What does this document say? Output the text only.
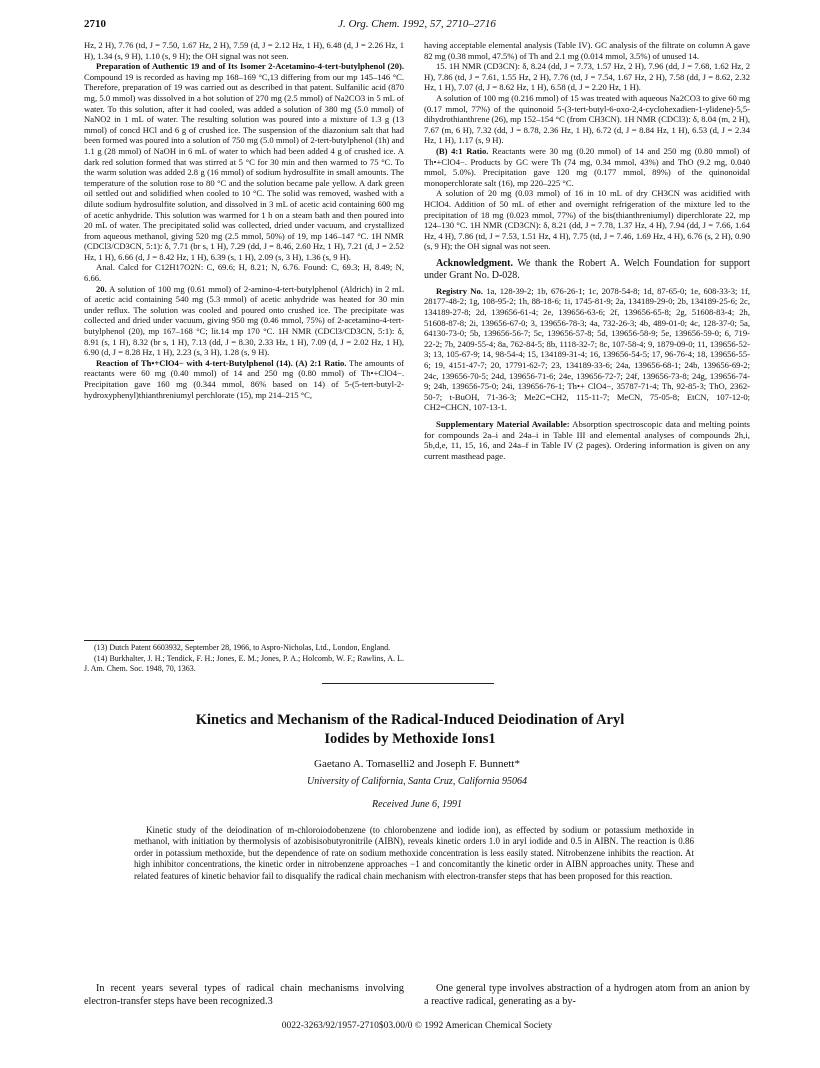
2710	J. Org. Chem. 1992, 57, 2710–2716

Hz, 2 H), 7.76 (td, J = 7.50, 1.67 Hz, 2 H), 7.59 (d, J = 2.12 Hz, 1 H), 6.48 (d, J = 2.26 Hz, 1 H), 1.34 (s, 9 H), 1.10 (s, 9 H); the OH signal was not seen.

Preparation of Authentic 19 and of Its Isomer 2-Acetamino-4-tert-butylphenol (20). Compound 19 is recorded as having mp 168–169 °C,13 differing from our mp 145–146 °C. Therefore, preparation of 19 was carried out as described in that patent. Sulfanilic acid (870 mg, 5.0 mmol) was dissolved in a hot solution of 270 mg (2.5 mmol) of Na2CO3 in 5 mL of water. To this solution, after it had cooled, was added a solution of 380 mg (5.0 mmol) of NaNO2 in 1 mL of water. The resulting solution was poured into a mixture of 1.3 g (13 mmol) of concd HCl and 6 g of crushed ice. The suspension of the diazonium salt that had been formed was poured into a solution of 750 mg (5.0 mmol) of 2-tert-butylphenol (1h) and 1.1 g (28 mmol) of NaOH in 6 mL of water to which had been added 4 g of crushed ice. A dark red solution formed that was stirred at 5 °C for 30 min and then warmed to 75 °C. To the warm solution was added 2.8 g (16 mmol) of sodium hydrosulfite in small amounts. The temperature of the solution rose to 80 °C and the solution became pale yellow. A dark green oil settled out and solidified when cooled to 10 °C. The solid was removed, washed with a dilute sodium hydrosulfite solution, and dissolved in 3 mL of acetic acid containing 600 mg of acetic anhydride. This solution was warmed for 1 h on a steam bath and then poured into 20 mL of water. The precipitated solid was collected, dried under vacuum, and crystallized from aqueous methanol, giving 520 mg (2.5 mmol, 50%) of 19, mp 146–147 °C. 1H NMR (CDCl3/CD3CN, 5:1): δ, 7.71 (br s, 1 H), 7.29 (dd, J = 8.46, 2.60 Hz, 1 H), 7.21 (d, J = 2.52 Hz, 1 H), 6.66 (d, J = 8.42 Hz, 1 H), 6.39 (s, 1 H), 2.09 (s, 3 H), 1.36 (s, 9 H).

Anal. Calcd for C12H17O2N: C, 69.6; H, 8.21; N, 6.76. Found: C, 69.3; H, 8.49; N, 6.66.

20. A solution of 100 mg (0.61 mmol) of 2-amino-4-tert-butylphenol (Aldrich) in 2 mL of acetic acid containing 540 mg (5.3 mmol) of acetic anhydride was heated for 30 min under reflux. The solution was cooled and poured onto crushed ice. The precipitate was collected and dried under vacuum, giving 950 mg (0.46 mmol, 75%) of 2-acetamino-4-tert-butylphenol (20), mp 167–168 °C; lit.14 mp 170 °C. 1H NMR (CDCl3/CD3CN, 5:1): δ, 8.91 (s, 1 H), 8.32 (br s, 1 H), 7.13 (dd, J = 8.30, 2.33 Hz, 1 H), 7.09 (d, J = 2.02 Hz, 1 H), 6.90 (d, J = 8.28 Hz, 1 H), 2.23 (s, 3 H), 1.28 (s, 9 H).

Reaction of Th•+ClO4− with 4-tert-Butylphenol (14). (A) 2:1 Ratio. The amounts of reactants were 60 mg (0.40 mmol) of 14 and 250 mg (0.80 mmol) of Th•+ClO4−. Precipitation gave 160 mg (0.344 mmol, 86% based on 14) of 5-(5-tert-butyl-2-hydroxyphenyl)thianthreniumyl perchlorate (15), mp 214–215 °C,

(13) Dutch Patent 6603932, September 28, 1966, to Aspro-Nicholas, Ltd., London, England.

(14) Burkhalter, J. H.; Tendick, F. H.; Jones, E. M.; Jones, P. A.; Holcomb, W. F.; Rawlins, A. L. J. Am. Chem. Soc. 1948, 70, 1363.

having acceptable elemental analysis (Table IV). GC analysis of the filtrate on column A gave 82 mg (0.38 mmol, 47.5%) of Th and 2.1 mg (0.014 mmol, 3.5%) of unused 14.

15. 1H NMR (CD3CN): δ, 8.24 (dd, J = 7.73, 1.57 Hz, 2 H), 7.96 (dd, J = 7.68, 1.62 Hz, 2 H), 7.86 (td, J = 7.61, 1.55 Hz, 2 H), 7.76 (td, J = 7.54, 1.67 Hz, 2 H), 7.58 (dd, J = 8.62, 2.32 Hz, 1 H), 7.07 (d, J = 8.62 Hz, 1 H), 6.58 (d, J = 2.20 Hz, 1 H).

A solution of 100 mg (0.216 mmol) of 15 was treated with aqueous Na2CO3 to give 60 mg (0.17 mmol, 77%) of the quinonoid 5-(3-tert-butyl-6-oxo-2,4-cyclohexadien-1-ylidene)-5,5-dihydrothianthrene (26), mp 152–154 °C (from CH3CN). 1H NMR (CDCl3): δ, 8.04 (m, 2 H), 7.67 (m, 6 H), 7.32 (dd, J = 8.78, 2.36 Hz, 1 H), 6.72 (d, J = 8.84 Hz, 1 H), 6.53 (d, J = 2.34 Hz, 1 H), 1.17 (s, 9 H).

(B) 4:1 Ratio. Reactants were 30 mg (0.20 mmol) of 14 and 250 mg (0.80 mmol) of Th•+ClO4−. Products by GC were Th (74 mg, 0.34 mmol, 43%) and ThO (9.2 mg, 0.040 mmol, 5.0%). Precipitation gave 120 mg (0.177 mmol, 89%) of the quinonoidal monoperchlorate salt (16), mp 220–225 °C.

A solution of 20 mg (0.03 mmol) of 16 in 10 mL of dry CH3CN was acidified with HClO4. Addition of 50 mL of ether and overnight refrigeration of the mixture led to the precipitation of 18 mg (0.023 mmol, 77%) of the bis(thianthreniumyl) diperchlorate 22, mp 124–130 °C. 1H NMR (CD3CN): δ, 8.21 (dd, J = 7.78, 1.37 Hz, 4 H), 7.94 (dd, J = 7.66, 1.64 Hz, 4 H), 7.86 (td, J = 7.53, 1.51 Hz, 4 H), 7.75 (td, J = 7.46, 1.69 Hz, 4 H), 6.76 (s, 2 H), 0.90 (s, 9 H); the OH signal was not seen.

Acknowledgment. We thank the Robert A. Welch Foundation for support under Grant No. D-028.

Registry No. 1a, 128-39-2; 1b, 676-26-1; 1c, 2078-54-8; 1d, 87-65-0; 1e, 608-33-3; 1f, 28177-48-2; 1g, 108-95-2; 1h, 88-18-6; 1i, 1745-81-9; 2a, 134189-29-0; 2b, 134189-25-6; 2c, 134189-27-8; 2d, 139656-61-4; 2e, 139656-63-6; 2f, 139656-65-8; 2g, 51608-83-4; 2h, 51608-87-8; 2i, 139656-67-0; 3, 139656-78-3; 4a, 732-26-3; 4b, 489-01-0; 4c, 128-37-0; 5a, 64130-73-0; 5b, 139656-56-7; 5c, 139656-57-8; 5d, 139656-58-9; 5e, 139656-59-0; 6, 719-22-2; 7b, 2409-55-4; 8a, 762-84-5; 8b, 1118-32-7; 8c, 107-58-4; 9, 1879-09-0; 11, 139656-52-3; 13, 105-67-9; 14, 98-54-4; 15, 134189-31-4; 16, 139656-54-5; 17, 96-76-4; 18, 139656-55-6; 19, 4151-47-7; 20, 17791-62-7; 23, 134189-33-6; 24a, 139656-68-1; 24b, 139656-69-2; 24c, 139656-70-5; 24d, 139656-71-6; 24e, 139656-72-7; 24f, 139656-73-8; 24g, 139656-74-9; 24h, 139656-75-0; 24i, 139656-76-1; Th•+ ClO4−, 35787-71-4; Th, 92-85-3; ThO, 2362-50-7; t-BuOH, 71-36-3; Me2C=CH2, 115-11-7; MeCN, 75-05-8; EtCN, 107-12-0; CH2=CHCN, 107-13-1.

Supplementary Material Available: Absorption spectroscopic data and melting points for compounds 2a–i and 24a–i in Table III and elemental analyses of compounds 2h,i, 5b,d,e, 11, 15, 16, and 24a–f in Table IV (2 pages). Ordering information is given on any current masthead page.

Kinetics and Mechanism of the Radical-Induced Deiodination of Aryl
Iodides by Methoxide Ions1
Gaetano A. Tomaselli2 and Joseph F. Bunnett*
University of California, Santa Cruz, California 95064
Received June 6, 1991
Kinetic study of the deiodination of m-chloroiodobenzene (to chlorobenzene and iodide ion), as effected by sodium or potassium methoxide in methanol, with initiation by thermolysis of azobisisobutyronitrile (AIBN), reveals kinetic orders 1.0 in aryl iodide and 0.5 in AIBN. The reaction is 0.86 order in potassium methoxide, but the dependence of rate on sodium methoxide concentration is less easily stated. Nitrobenzene inhibits the reaction. At high inhibitor concentrations, the kinetic order in nitrobenzene approaches −1 and concomitantly the kinetic order in AIBN approaches unity. These and related features of kinetic behavior fail to disqualify the radical chain mechanism with electron-transfer steps that has been proposed for this reaction.
In recent years several types of radical chain mechanisms involving electron-transfer steps have been recognized.3
One general type involves abstraction of a hydrogen atom from an anion by a reactive radical, generating as a by-
0022-3263/92/1957-2710$03.00/0 © 1992 American Chemical Society
